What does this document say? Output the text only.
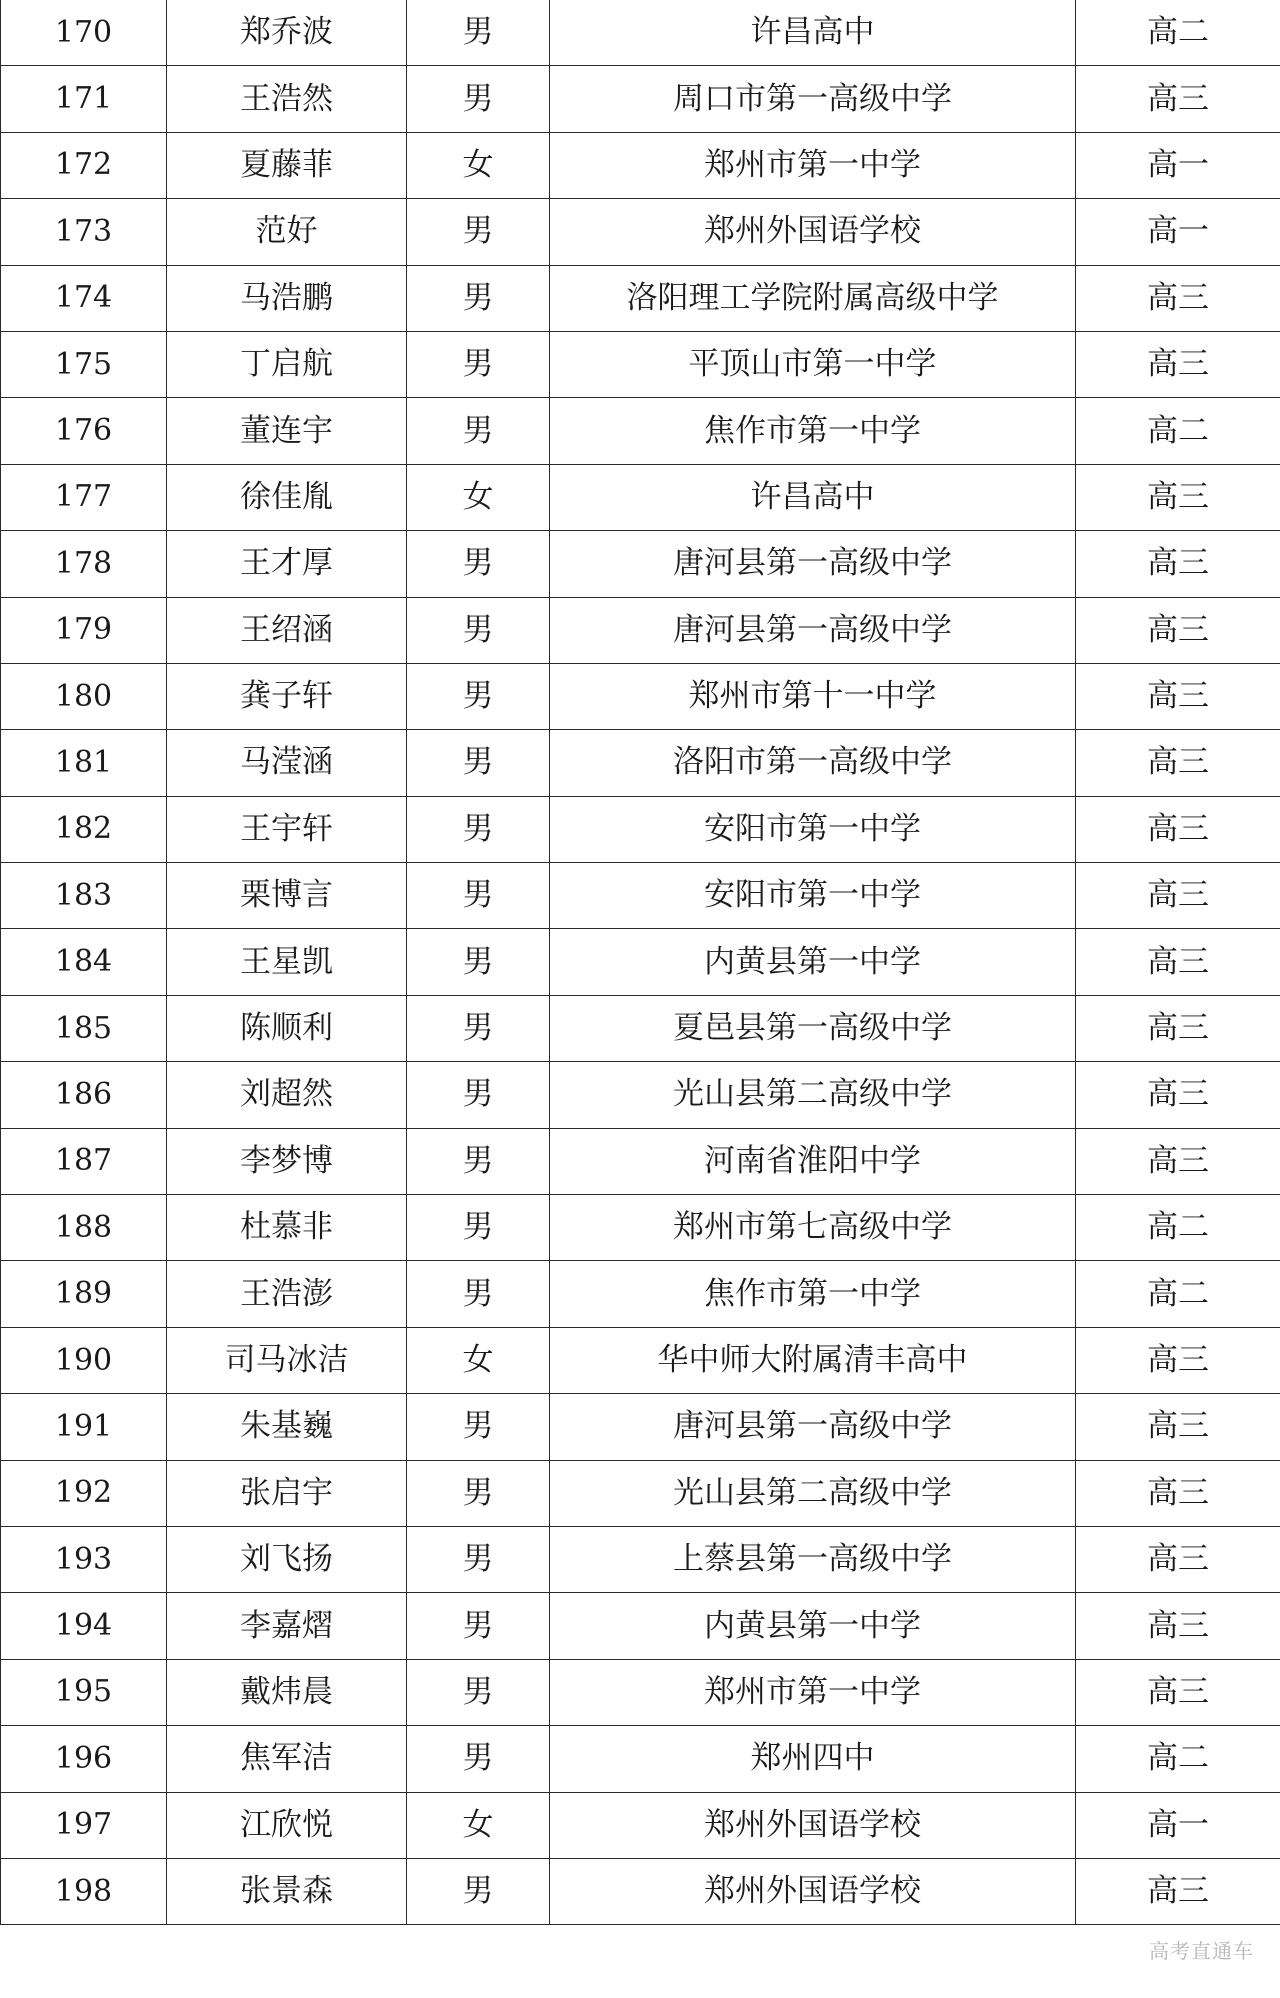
170	郑乔波	男	许昌高中	高二
171	王浩然	男	周口市第一高级中学	高三
172	夏藤菲	女	郑州市第一中学	高一
173	范好	男	郑州外国语学校	高一
174	马浩鹏	男	洛阳理工学院附属高级中学	高三
175	丁启航	男	平顶山市第一中学	高三
176	董连宇	男	焦作市第一中学	高二
177	徐佳胤	女	许昌高中	高三
178	王才厚	男	唐河县第一高级中学	高三
179	王绍涵	男	唐河县第一高级中学	高三
180	龚子轩	男	郑州市第十一中学	高三
181	马滢涵	男	洛阳市第一高级中学	高三
182	王宇轩	男	安阳市第一中学	高三
183	栗博言	男	安阳市第一中学	高三
184	王星凯	男	内黄县第一中学	高三
185	陈顺利	男	夏邑县第一高级中学	高三
186	刘超然	男	光山县第二高级中学	高三
187	李梦博	男	河南省淮阳中学	高三
188	杜慕非	男	郑州市第七高级中学	高二
189	王浩澎	男	焦作市第一中学	高二
190	司马冰洁	女	华中师大附属清丰高中	高三
191	朱基巍	男	唐河县第一高级中学	高三
192	张启宇	男	光山县第二高级中学	高三
193	刘飞扬	男	上蔡县第一高级中学	高三
194	李嘉熠	男	内黄县第一中学	高三
195	戴炜晨	男	郑州市第一中学	高三
196	焦军洁	男	郑州四中	高二
197	江欣悦	女	郑州外国语学校	高一
198	张景森	男	郑州外国语学校	高三
高考直通车
